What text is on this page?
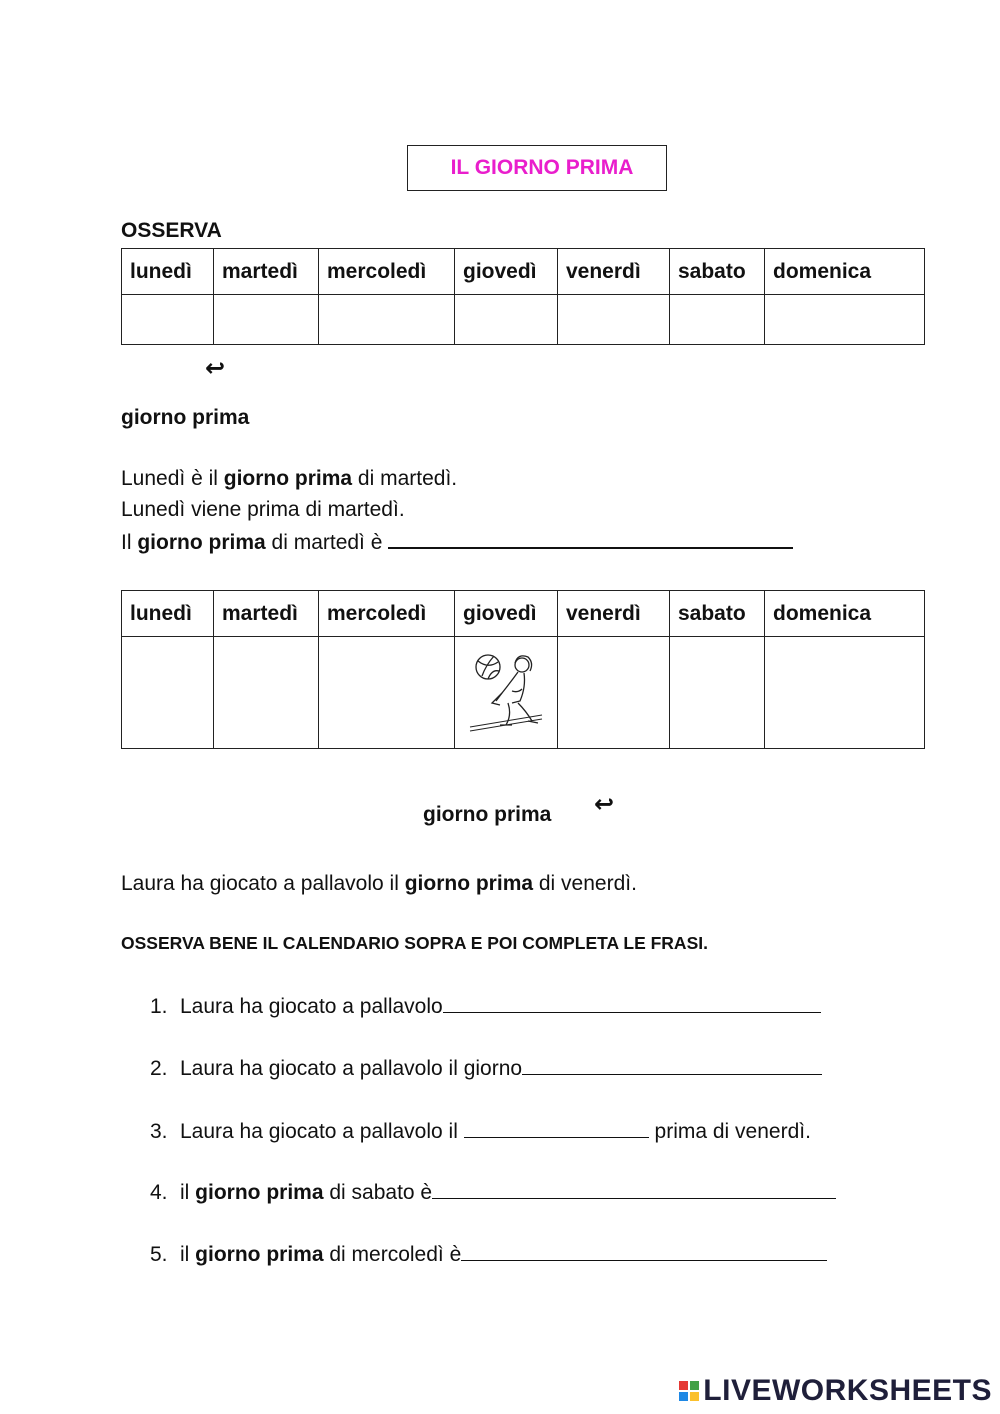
IL GIORNO PRIMA
OSSERVA
lunedì	martedì	mercoledì	giovedì	venerdì	sabato	domenica

↩
giorno prima
Lunedì è il giorno prima di martedì.
Lunedì viene prima di martedì.
Il giorno prima di martedì è
lunedì	martedì	mercoledì	giovedì	venerdì	sabato	domenica

giorno prima ↩
Laura ha giocato a pallavolo il giorno prima di venerdì.
OSSERVA BENE IL CALENDARIO SOPRA E POI COMPLETA LE FRASI.
1. Laura ha giocato a pallavolo
2. Laura ha giocato a pallavolo il giorno
3. Laura ha giocato a pallavolo il	prima di venerdì.
4. il giorno prima di sabato è
5. il giorno prima di mercoledì è
LIVEWORKSHEETS
